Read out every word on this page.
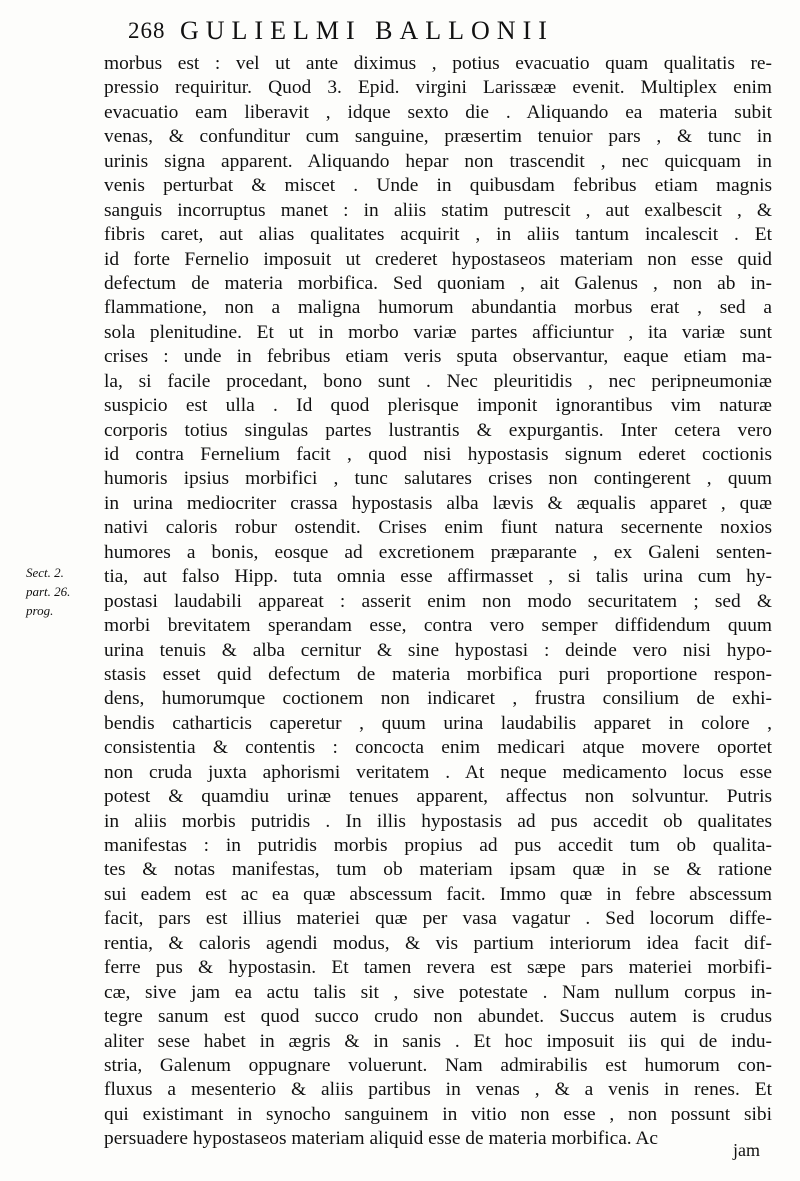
268 GULIELMI BALLONII
Sect. 2.
part. 26.
prog.
morbus est : vel ut ante diximus , potius evacuatio quam qualitatis re-
pressio requiritur. Quod 3. Epid. virgini Larissææ evenit. Multiplex enim
evacuatio eam liberavit , idque sexto die . Aliquando ea materia subit
venas, & confunditur cum sanguine, præsertim tenuior pars , & tunc in
urinis signa apparent. Aliquando hepar non trascendit , nec quicquam in
venis perturbat & miscet . Unde in quibusdam febribus etiam magnis
sanguis incorruptus manet : in aliis statim putrescit , aut exalbescit , &
fibris caret, aut alias qualitates acquirit , in aliis tantum incalescit . Et
id forte Fernelio imposuit ut crederet hypostaseos materiam non esse quid
defectum de materia morbifica. Sed quoniam , ait Galenus , non ab in-
flammatione, non a maligna humorum abundantia morbus erat , sed a
sola plenitudine. Et ut in morbo variæ partes afficiuntur , ita variæ sunt
crises : unde in febribus etiam veris sputa observantur, eaque etiam ma-
la, si facile procedant, bono sunt . Nec pleuritidis , nec peripneumoniæ
suspicio est ulla . Id quod plerisque imponit ignorantibus vim naturæ
corporis totius singulas partes lustrantis & expurgantis. Inter cetera vero
id contra Fernelium facit , quod nisi hypostasis signum ederet coctionis
humoris ipsius morbifici , tunc salutares crises non contingerent , quum
in urina mediocriter crassa hypostasis alba lævis & æqualis apparet , quæ
nativi caloris robur ostendit. Crises enim fiunt natura secernente noxios
humores a bonis, eosque ad excretionem præparante , ex Galeni senten-
tia, aut falso Hipp. tuta omnia esse affirmasset , si talis urina cum hy-
postasi laudabili appareat : asserit enim non modo securitatem ; sed &
morbi brevitatem sperandam esse, contra vero semper diffidendum quum
urina tenuis & alba cernitur & sine hypostasi : deinde vero nisi hypo-
stasis esset quid defectum de materia morbifica puri proportione respon-
dens, humorumque coctionem non indicaret , frustra consilium de exhi-
bendis catharticis caperetur , quum urina laudabilis apparet in colore ,
consistentia & contentis : concocta enim medicari atque movere oportet
non cruda juxta aphorismi veritatem . At neque medicamento locus esse
potest & quamdiu urinæ tenues apparent, affectus non solvuntur. Putris
in aliis morbis putridis . In illis hypostasis ad pus accedit ob qualitates
manifestas : in putridis morbis propius ad pus accedit tum ob qualita-
tes & notas manifestas, tum ob materiam ipsam quæ in se & ratione
sui eadem est ac ea quæ abscessum facit. Immo quæ in febre abscessum
facit, pars est illius materiei quæ per vasa vagatur . Sed locorum diffe-
rentia, & caloris agendi modus, & vis partium interiorum idea facit dif-
ferre pus & hypostasin. Et tamen revera est sæpe pars materiei morbifi-
cæ, sive jam ea actu talis sit , sive potestate . Nam nullum corpus in-
tegre sanum est quod succo crudo non abundet. Succus autem is crudus
aliter sese habet in ægris & in sanis . Et hoc imposuit iis qui de indu-
stria, Galenum oppugnare voluerunt. Nam admirabilis est humorum con-
fluxus a mesenterio & aliis partibus in venas , & a venis in renes. Et
qui existimant in synocho sanguinem in vitio non esse , non possunt sibi
persuadere hypostaseos materiam aliquid esse de materia morbifica. Ac
jam
